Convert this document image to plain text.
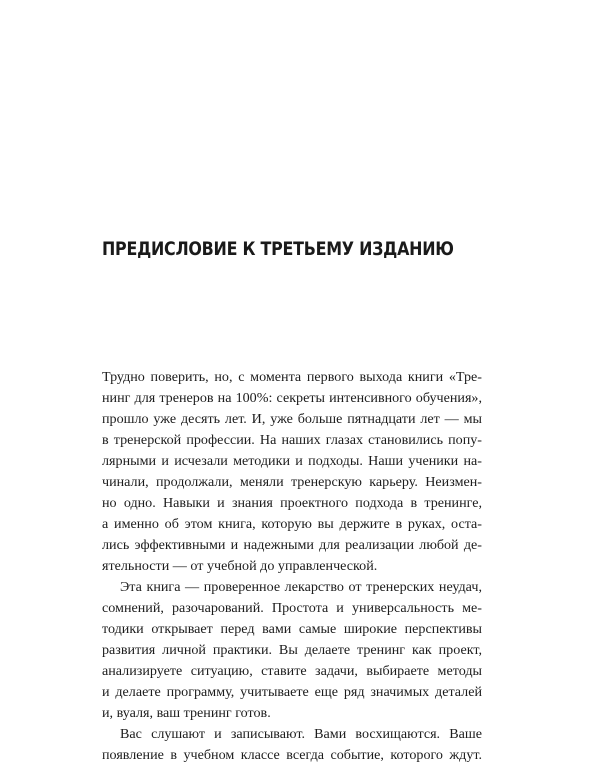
ПРЕДИСЛОВИЕ К ТРЕТЬЕМУ ИЗДАНИЮ
Трудно поверить, но, с момента первого выхода книги «Тре-
нинг для тренеров на 100%: секреты интенсивного обучения»,
прошло уже десять лет. И, уже больше пятнадцати лет — мы
в тренерской профессии. На наших глазах становились попу-
лярными и исчезали методики и подходы. Наши ученики на-
чинали, продолжали, меняли тренерскую карьеру. Неизмен-
но одно. Навыки и знания проектного подхода в тренинге,
а именно об этом книга, которую вы держите в руках, оста-
лись эффективными и надежными для реализации любой де-
ятельности — от учебной до управленческой.
Эта книга — проверенное лекарство от тренерских неудач,
сомнений, разочарований. Простота и универсальность ме-
тодики открывает перед вами самые широкие перспективы
развития личной практики. Вы делаете тренинг как проект,
анализируете ситуацию, ставите задачи, выбираете методы
и делаете программу, учитываете еще ряд значимых деталей
и, вуаля, ваш тренинг готов.
Вас слушают и записывают. Вами восхищаются. Ваше
появление в учебном классе всегда событие, которого ждут.
